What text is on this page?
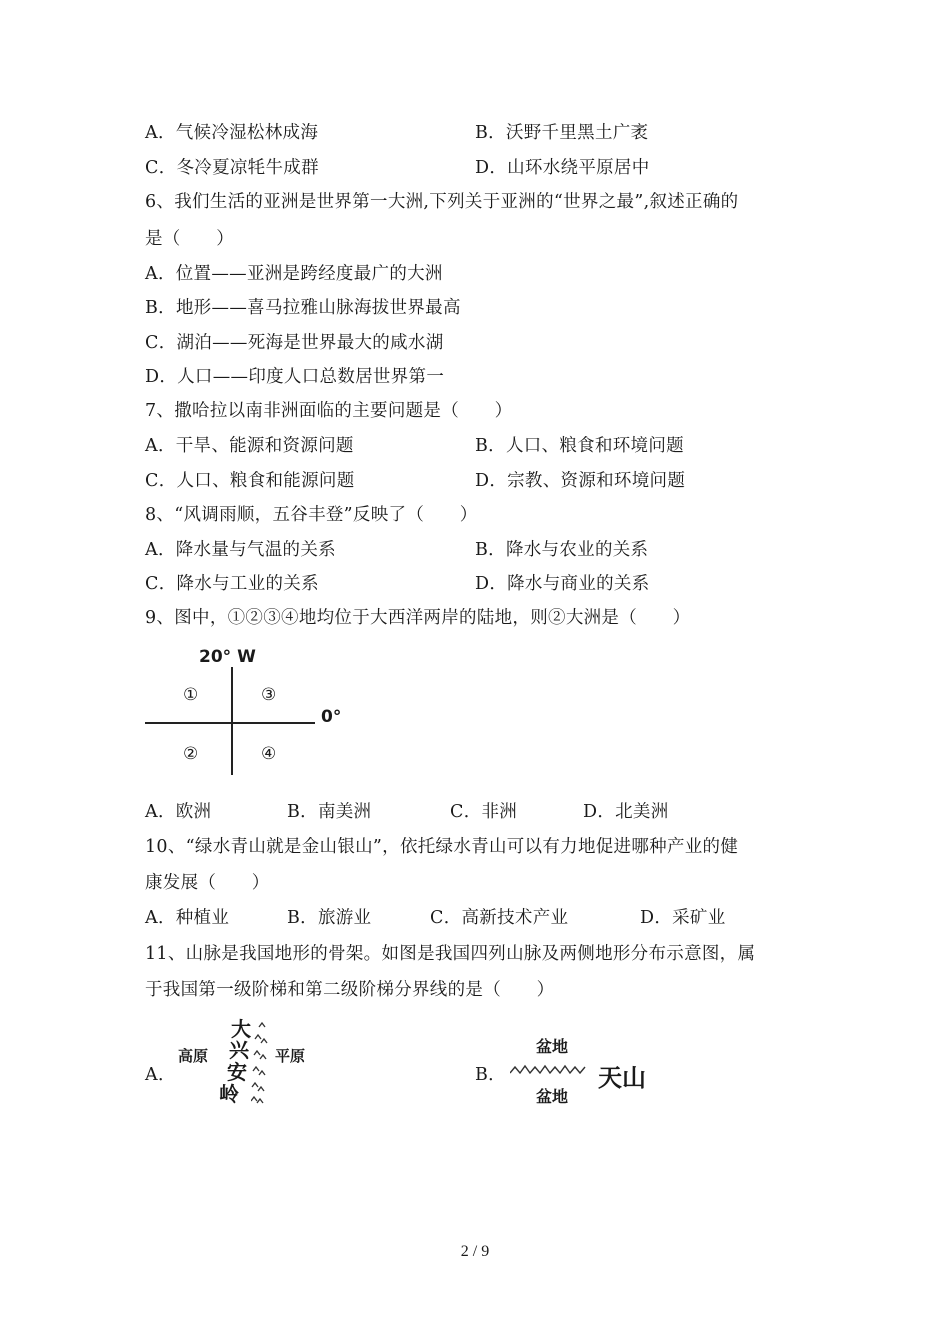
A．气候冷湿松林成海	B．沃野千里黑土广袤
C．冬冷夏凉牦牛成群	D．山环水绕平原居中
6、我们生活的亚洲是世界第一大洲,下列关于亚洲的“世界之最”,叙述正确的
是（　　）
A．位置——亚洲是跨经度最广的大洲
B．地形——喜马拉雅山脉海拔世界最高
C．湖泊——死海是世界最大的咸水湖
D．人口——印度人口总数居世界第一
7、撒哈拉以南非洲面临的主要问题是（　　）
A．干旱、能源和资源问题	B．人口、粮食和环境问题
C．人口、粮食和能源问题	D．宗教、资源和环境问题
8、“风调雨顺，五谷丰登”反映了（　　）
A．降水量与气温的关系	B．降水与农业的关系
C．降水与工业的关系	D．降水与商业的关系
9、图中，①②③④地均位于大西洋两岸的陆地，则②大洲是（　　）
20° W
0°
①	③
②	④
A．欧洲	B．南美洲	C．非洲	D．北美洲
10、“绿水青山就是金山银山”，依托绿水青山可以有力地促进哪种产业的健
康发展（　　）
A．种植业	B．旅游业	C．高新技术产业	D．采矿业
11、山脉是我国地形的骨架。如图是我国四列山脉及两侧地形分布示意图，属
于我国第一级阶梯和第二级阶梯分界线的是（　　）
A．
高原	平原
大
兴
安
岭
B．
盆地
盆地
天山
2 / 9
